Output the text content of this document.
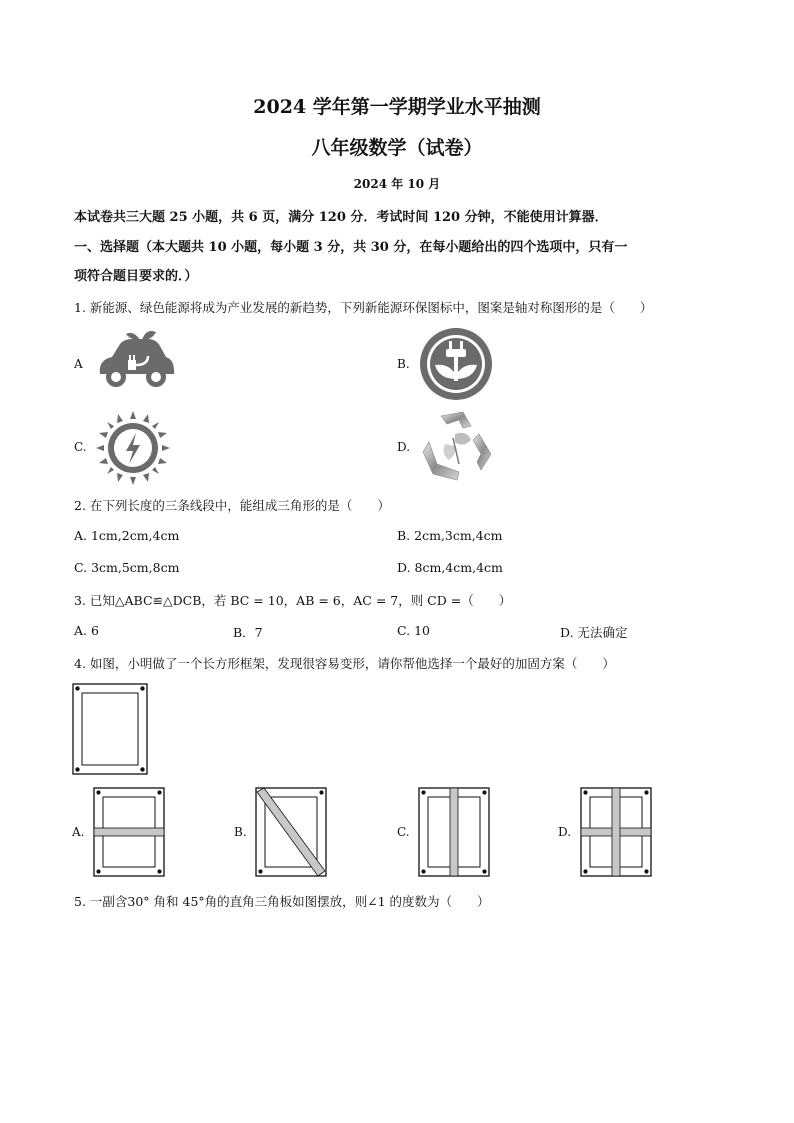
2024 学年第一学期学业水平抽测
八年级数学（试卷）
2024 年 10 月
本试卷共三大题 25 小题，共 6 页，满分 120 分．考试时间 120 分钟，不能使用计算器．
一、选择题（本大题共 10 小题，每小题 3 分，共 30 分，在每小题给出的四个选项中，只有一
项符合题目要求的．）
1. 新能源、绿色能源将成为产业发展的新趋势，下列新能源环保图标中，图案是轴对称图形的是（　　）
A	B.
C.	D.
2. 在下列长度的三条线段中，能组成三角形的是（　　）
A. 1cm,2cm,4cm	B. 2cm,3cm,4cm
C. 3cm,5cm,8cm	D. 8cm,4cm,4cm
3. 已知△ABC≌△DCB，若 BC = 10，AB = 6，AC = 7，则 CD =（　　）
A. 6	B．7	C. 10	D. 无法确定
4. 如图，小明做了一个长方形框架，发现很容易变形，请你帮他选择一个最好的加固方案（　　）
A.	B.	C.	D.
5. 一副含30° 角和 45°角的直角三角板如图摆放，则∠1 的度数为（　　）
